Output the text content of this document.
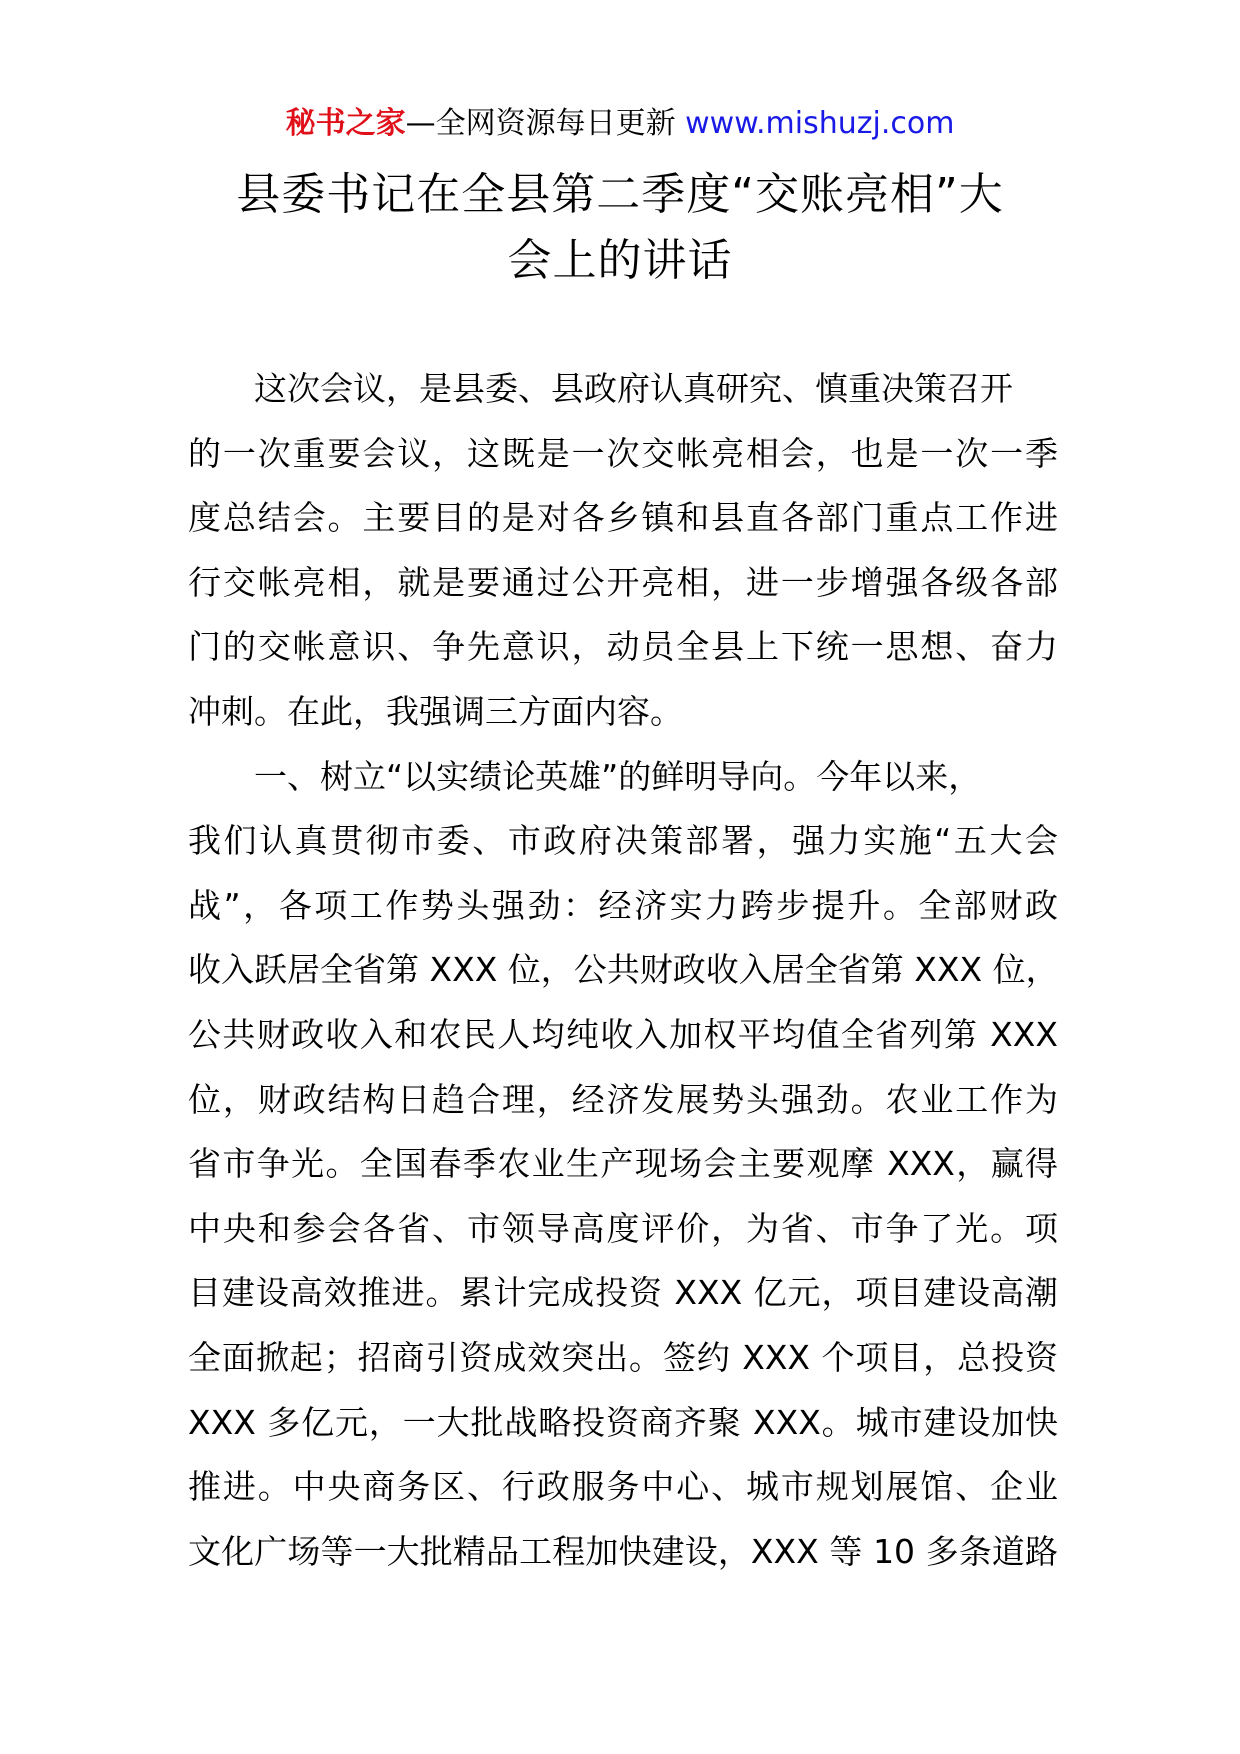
秘书之家—全网资源每日更新 www.mishuzj.com
县委书记在全县第二季度“交账亮相”大
会上的讲话
这次会议，是县委、县政府认真研究、慎重决策召开
的一次重要会议，这既是一次交帐亮相会，也是一次一季
度总结会。主要目的是对各乡镇和县直各部门重点工作进
行交帐亮相，就是要通过公开亮相，进一步增强各级各部
门的交帐意识、争先意识，动员全县上下统一思想、奋力
冲刺。在此，我强调三方面内容。
一、树立“以实绩论英雄”的鲜明导向。今年以来，
我们认真贯彻市委、市政府决策部署，强力实施“五大会
战”，各项工作势头强劲：经济实力跨步提升。全部财政
收入跃居全省第 XXX 位，公共财政收入居全省第 XXX 位，
公共财政收入和农民人均纯收入加权平均值全省列第 XXX
位，财政结构日趋合理，经济发展势头强劲。农业工作为
省市争光。全国春季农业生产现场会主要观摩 XXX，赢得
中央和参会各省、市领导高度评价，为省、市争了光。项
目建设高效推进。累计完成投资 XXX 亿元，项目建设高潮
全面掀起；招商引资成效突出。签约 XXX 个项目，总投资
XXX 多亿元，一大批战略投资商齐聚 XXX。城市建设加快
推进。中央商务区、行政服务中心、城市规划展馆、企业
文化广场等一大批精品工程加快建设，XXX 等 10 多条道路
